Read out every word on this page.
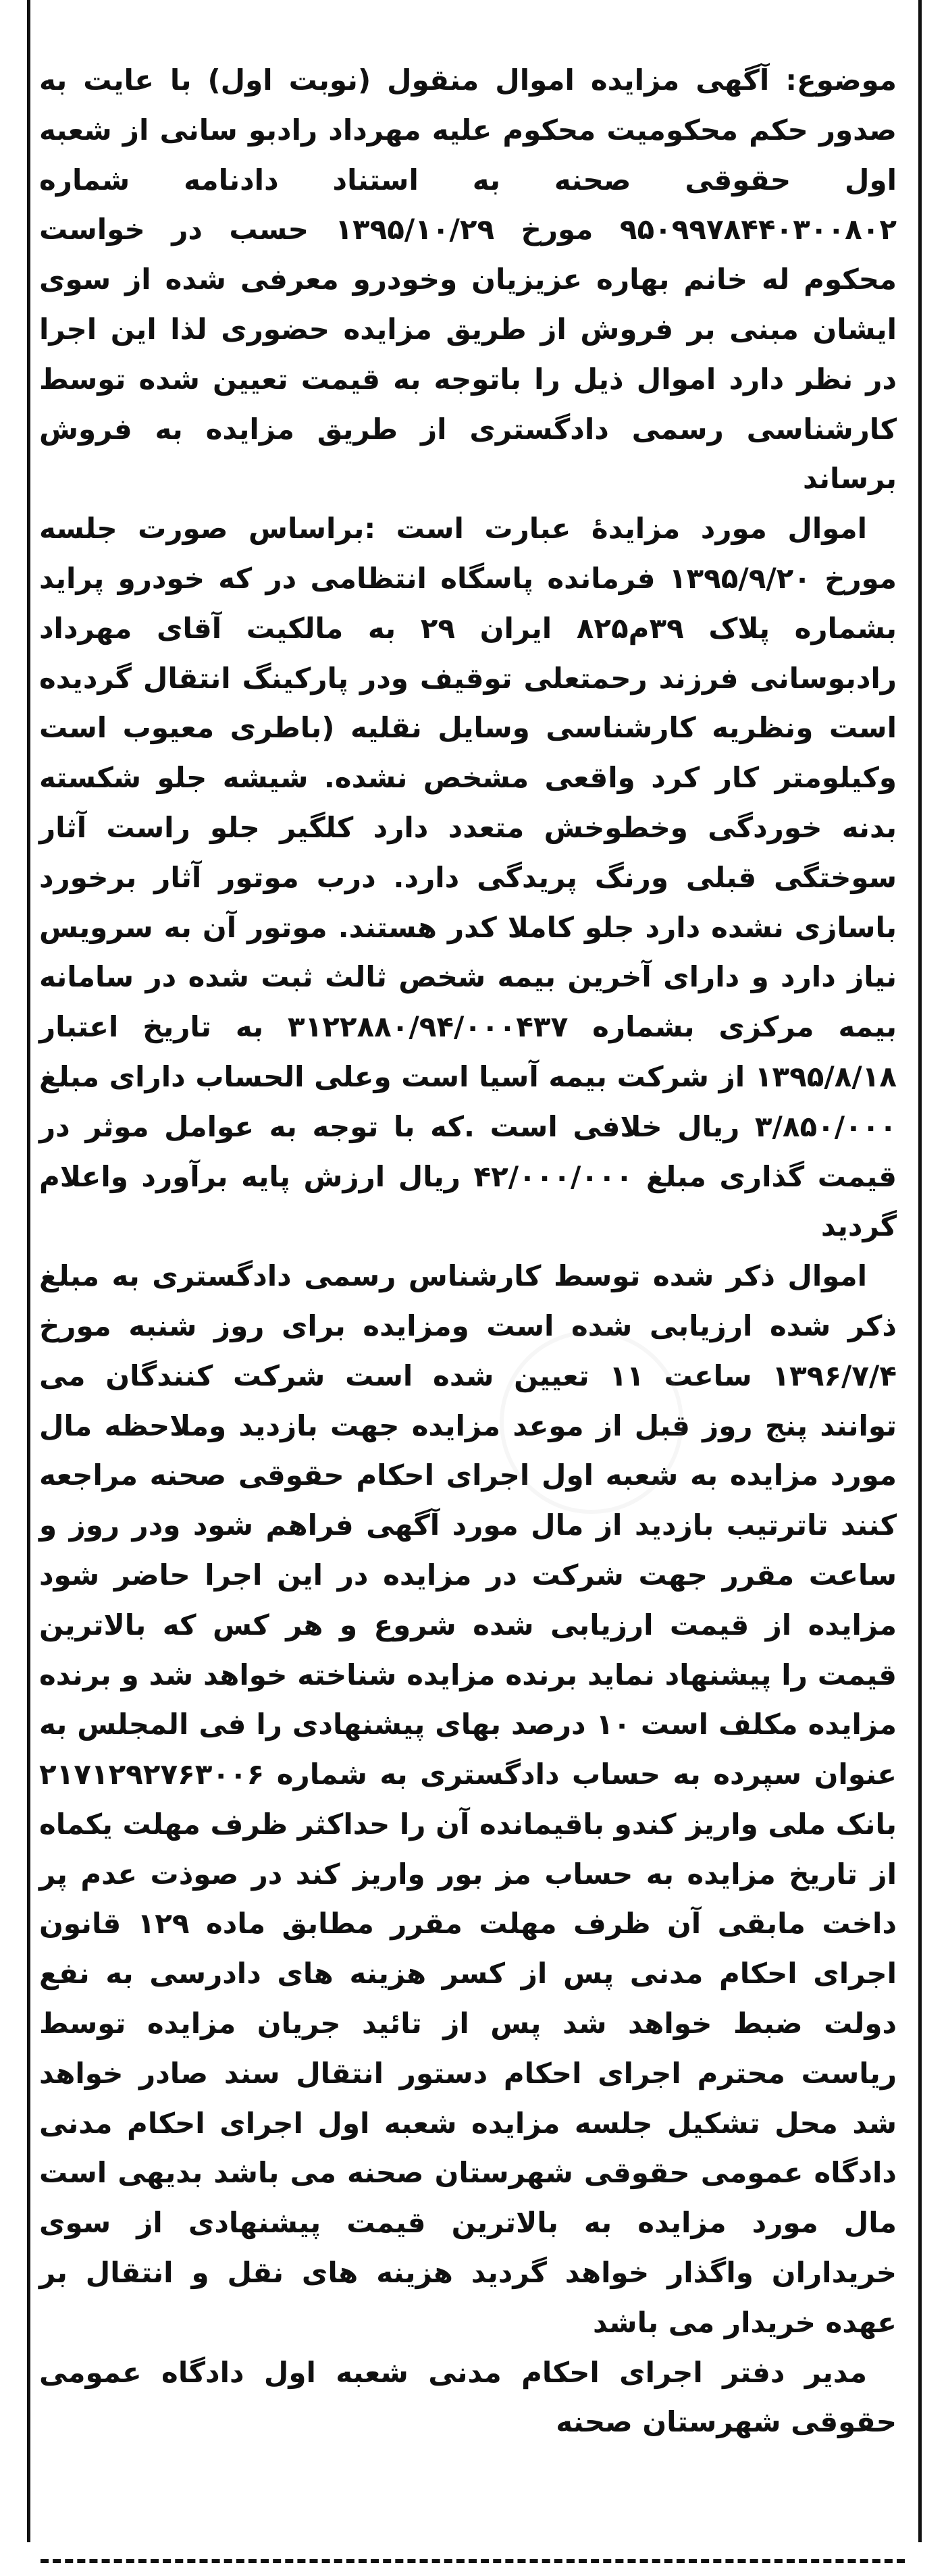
موضوع: آگهی مزایده اموال منقول (نوبت اول) با عایت به صدور حکم محکومیت محکوم علیه مهرداد رادبو سانی از شعبه اول حقوقی صحنه به استناد دادنامه شماره ۹۵۰۹۹۷۸۴۴۰۳۰۰۸۰۲ مورخ ۱۳۹۵/۱۰/۲۹ حسب در خواست محکوم له خانم بهاره عزیزیان وخودرو معرفی شده از سوی ایشان مبنی بر فروش از طریق مزایده حضوری لذا این اجرا در نظر دارد اموال ذیل را باتوجه به قیمت تعیین شده توسط کارشناسی رسمی دادگستری از طریق مزایده به فروش برساند

اموال مورد مزایدهٔ عبارت است :براساس صورت جلسه مورخ ۱۳۹۵/۹/۲۰ فرمانده پاسگاه انتظامی در که خودرو پراید بشماره پلاک ۳۹م۸۲۵ ایران ۲۹ به مالکیت آقای مهرداد رادبوسانی فرزند رحمتعلی توقیف ودر پارکینگ انتقال گردیده است ونظریه کارشناسی وسایل نقلیه (باطری معیوب است وکیلومتر کار کرد واقعی مشخص نشده. شیشه جلو شکسته بدنه خوردگی وخطوخش متعدد دارد کلگیر جلو راست آثار سوختگی قبلی ورنگ پریدگی دارد. درب موتور آثار برخورد باسازی نشده دارد جلو کاملا کدر هستند. موتور آن به سرویس نیاز دارد و دارای آخرین بیمه شخص ثالث ثبت شده در سامانه بیمه مرکزی بشماره ۳۱۲۲۸۸۰/۹۴/۰۰۰۴۳۷ به تاریخ اعتبار ۱۳۹۵/۸/۱۸ از شرکت بیمه آسیا است وعلی الحساب دارای مبلغ ۳/۸۵۰/۰۰۰ ریال خلافی است .که با توجه به عوامل موثر در قیمت گذاری مبلغ ۴۲/۰۰۰/۰۰۰ ریال ارزش پایه برآورد واعلام گردید

اموال ذکر شده توسط کارشناس رسمی دادگستری به مبلغ ذکر شده ارزیابی شده است ومزایده برای روز شنبه مورخ ۱۳۹۶/۷/۴ ساعت ۱۱ تعیین شده است شرکت کنندگان می توانند پنج روز قبل از موعد مزایده جهت بازدید وملاحظه مال مورد مزایده به شعبه اول اجرای احکام حقوقی صحنه مراجعه کنند تاترتیب بازدید از مال مورد آگهی فراهم شود ودر روز و ساعت مقرر جهت شرکت در مزایده در این اجرا حاضر شود مزایده از قیمت ارزیابی شده شروع و هر کس که بالاترین قیمت را پیشنهاد نماید برنده مزایده شناخته خواهد شد و برنده مزایده مکلف است ۱۰ درصد بهای پیشنهادی را فی المجلس به عنوان سپرده به حساب دادگستری به شماره ۲۱۷۱۲۹۲۷۶۳۰۰۶ بانک ملی واریز کندو باقیمانده آن را حداکثر ظرف مهلت یکماه از تاریخ مزایده به حساب مز بور واریز کند در صوذت عدم پر داخت مابقی آن ظرف مهلت مقرر مطابق ماده ۱۲۹ قانون اجرای احکام مدنی پس از کسر هزینه های دادرسی به نفع دولت ضبط خواهد شد پس از تائید جریان مزایده توسط ریاست محترم اجرای احکام دستور انتقال سند صادر خواهد شد محل تشکیل جلسه مزایده شعبه اول اجرای احکام مدنی دادگاه عمومی حقوقی شهرستان صحنه می باشد بدیهی است مال مورد مزایده به بالاترین قیمت پیشنهادی از سوی خریداران واگذار خواهد گردید هزینه های نقل و انتقال بر عهده خریدار می باشد

مدیر دفتر اجرای احکام مدنی شعبه اول دادگاه عمومی حقوقی شهرستان صحنه
